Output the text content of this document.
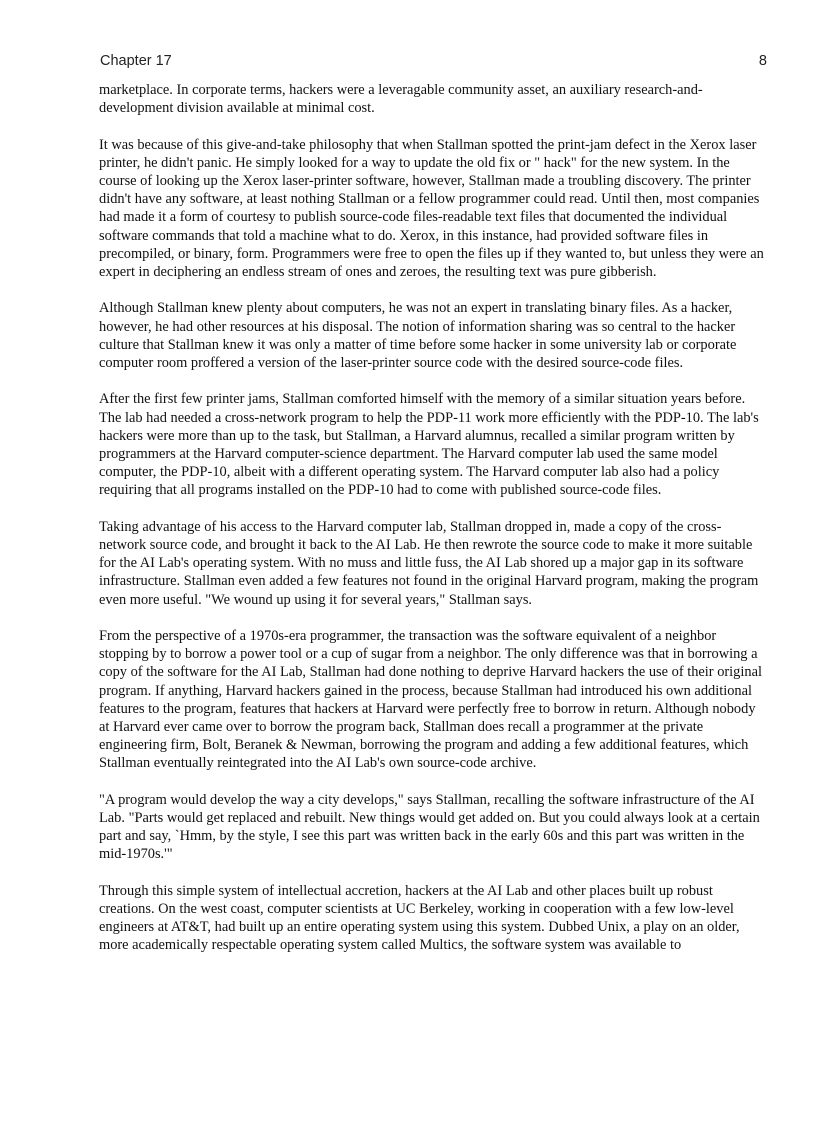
Chapter 17	8

marketplace. In corporate terms, hackers were a leveragable community asset, an auxiliary research-and-development division available at minimal cost.

It was because of this give-and-take philosophy that when Stallman spotted the print-jam defect in the Xerox laser printer, he didn't panic. He simply looked for a way to update the old fix or " hack" for the new system. In the course of looking up the Xerox laser-printer software, however, Stallman made a troubling discovery. The printer didn't have any software, at least nothing Stallman or a fellow programmer could read. Until then, most companies had made it a form of courtesy to publish source-code files-readable text files that documented the individual software commands that told a machine what to do. Xerox, in this instance, had provided software files in precompiled, or binary, form. Programmers were free to open the files up if they wanted to, but unless they were an expert in deciphering an endless stream of ones and zeroes, the resulting text was pure gibberish.

Although Stallman knew plenty about computers, he was not an expert in translating binary files. As a hacker, however, he had other resources at his disposal. The notion of information sharing was so central to the hacker culture that Stallman knew it was only a matter of time before some hacker in some university lab or corporate computer room proffered a version of the laser-printer source code with the desired source-code files.

After the first few printer jams, Stallman comforted himself with the memory of a similar situation years before. The lab had needed a cross-network program to help the PDP-11 work more efficiently with the PDP-10. The lab's hackers were more than up to the task, but Stallman, a Harvard alumnus, recalled a similar program written by programmers at the Harvard computer-science department. The Harvard computer lab used the same model computer, the PDP-10, albeit with a different operating system. The Harvard computer lab also had a policy requiring that all programs installed on the PDP-10 had to come with published source-code files.

Taking advantage of his access to the Harvard computer lab, Stallman dropped in, made a copy of the cross-network source code, and brought it back to the AI Lab. He then rewrote the source code to make it more suitable for the AI Lab's operating system. With no muss and little fuss, the AI Lab shored up a major gap in its software infrastructure. Stallman even added a few features not found in the original Harvard program, making the program even more useful. "We wound up using it for several years," Stallman says.

From the perspective of a 1970s-era programmer, the transaction was the software equivalent of a neighbor stopping by to borrow a power tool or a cup of sugar from a neighbor. The only difference was that in borrowing a copy of the software for the AI Lab, Stallman had done nothing to deprive Harvard hackers the use of their original program. If anything, Harvard hackers gained in the process, because Stallman had introduced his own additional features to the program, features that hackers at Harvard were perfectly free to borrow in return. Although nobody at Harvard ever came over to borrow the program back, Stallman does recall a programmer at the private engineering firm, Bolt, Beranek & Newman, borrowing the program and adding a few additional features, which Stallman eventually reintegrated into the AI Lab's own source-code archive.

"A program would develop the way a city develops," says Stallman, recalling the software infrastructure of the AI Lab. "Parts would get replaced and rebuilt. New things would get added on. But you could always look at a certain part and say, `Hmm, by the style, I see this part was written back in the early 60s and this part was written in the mid-1970s.'"

Through this simple system of intellectual accretion, hackers at the AI Lab and other places built up robust creations. On the west coast, computer scientists at UC Berkeley, working in cooperation with a few low-level engineers at AT&T, had built up an entire operating system using this system. Dubbed Unix, a play on an older, more academically respectable operating system called Multics, the software system was available to
